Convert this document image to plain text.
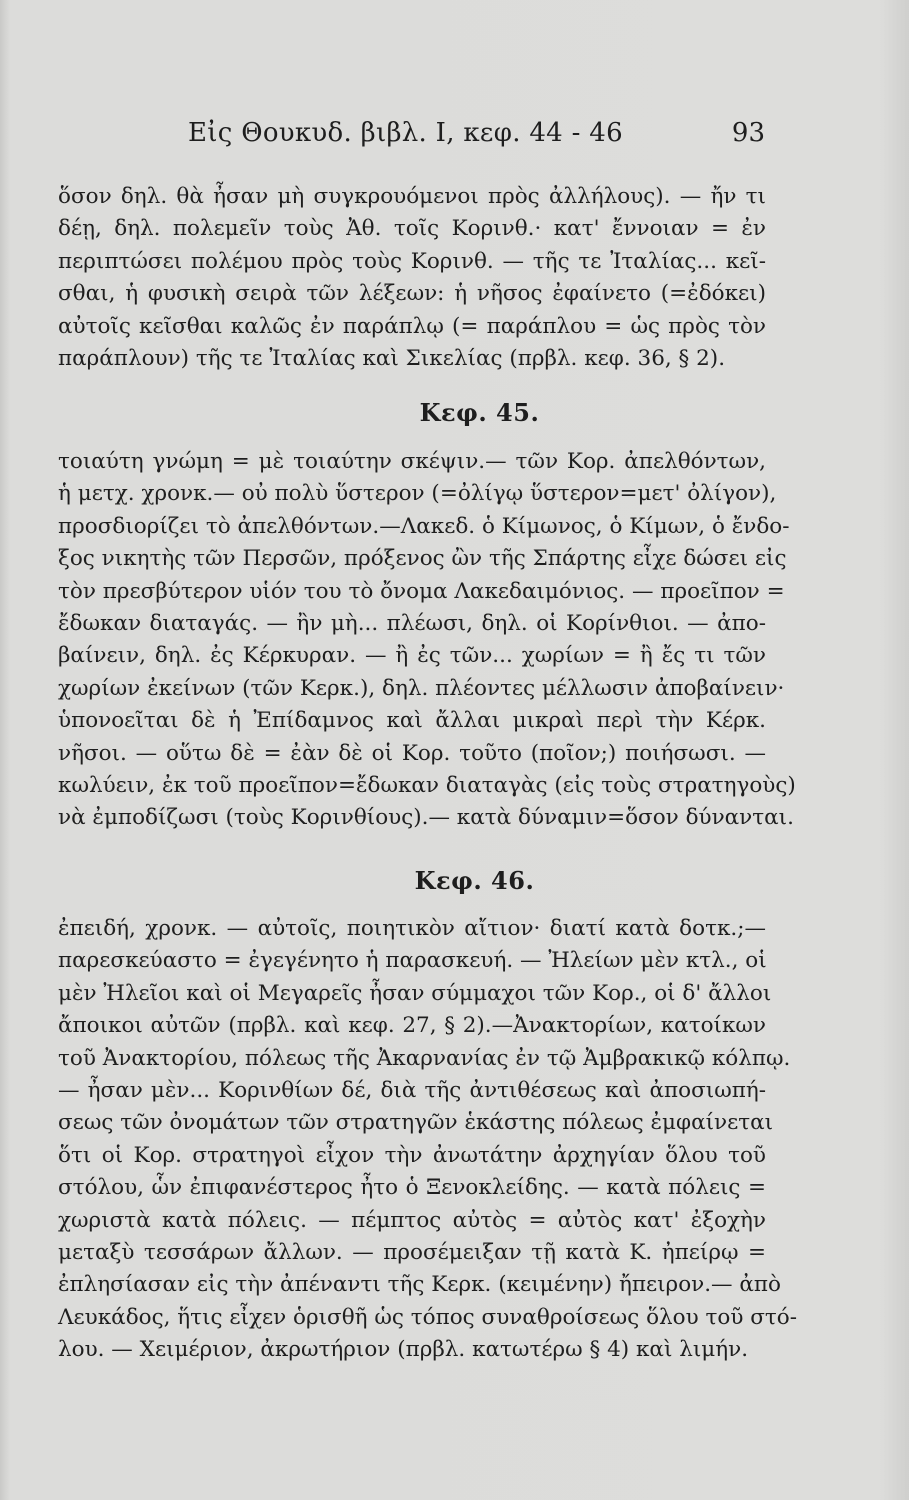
Εἰς Θουκυδ. βιβλ. Ι, κεφ. 44 - 46	93
ὅσον δηλ. θὰ ἦσαν μὴ συγκρουόμενοι πρὸς ἀλλήλους). — ἤν τι
δέῃ, δηλ. πολεμεῖν τοὺς Ἀθ. τοῖς Κορινθ.· κατ' ἔννοιαν = ἐν
περιπτώσει πολέμου πρὸς τοὺς Κορινθ. — τῆς τε Ἰταλίας... κεῖ-
σθαι, ἡ φυσικὴ σειρὰ τῶν λέξεων: ἡ νῆσος ἐφαίνετο (=ἐδόκει)
αὐτοῖς κεῖσθαι καλῶς ἐν παράπλῳ (= παράπλου = ὡς πρὸς τὸν
παράπλουν) τῆς τε Ἰταλίας καὶ Σικελίας (πρβλ. κεφ. 36, § 2).
Κεφ. 45.
τοιαύτη γνώμη = μὲ τοιαύτην σκέψιν.— τῶν Κορ. ἀπελθόντων,
ἡ μετχ. χρονκ.— οὐ πολὺ ὕστερον (=ὀλίγῳ ὕστερον=μετ' ὀλίγον),
προσδιορίζει τὸ ἀπελθόντων.—Λακεδ. ὁ Κίμωνος, ὁ Κίμων, ὁ ἔνδο-
ξος νικητὴς τῶν Περσῶν, πρόξενος ὢν τῆς Σπάρτης εἶχε δώσει εἰς
τὸν πρεσβύτερον υἱόν του τὸ ὄνομα Λακεδαιμόνιος. — προεῖπον =
ἔδωκαν διαταγάς. — ἢν μὴ... πλέωσι, δηλ. οἱ Κορίνθιοι. — ἀπο-
βαίνειν, δηλ. ἐς Κέρκυραν. — ἢ ἐς τῶν... χωρίων = ἢ ἔς τι τῶν
χωρίων ἐκείνων (τῶν Κερκ.), δηλ. πλέοντες μέλλωσιν ἀποβαίνειν·
ὑπονοεῖται δὲ ἡ Ἐπίδαμνος καὶ ἄλλαι μικραὶ περὶ τὴν Κέρκ.
νῆσοι. — οὕτω δὲ = ἐὰν δὲ οἱ Κορ. τοῦτο (ποῖον;) ποιήσωσι. —
κωλύειν, ἐκ τοῦ προεῖπον=ἔδωκαν διαταγὰς (εἰς τοὺς στρατηγοὺς)
νὰ ἐμποδίζωσι (τοὺς Κορινθίους).— κατὰ δύναμιν=ὅσον δύνανται.
Κεφ. 46.
ἐπειδή, χρονκ. — αὐτοῖς, ποιητικὸν αἴτιον· διατί κατὰ δοτκ.;—
παρεσκεύαστο = ἐγεγένητο ἡ παρασκευή. — Ἠλείων μὲν κτλ., οἱ
μὲν Ἠλεῖοι καὶ οἱ Μεγαρεῖς ἦσαν σύμμαχοι τῶν Κορ., οἱ δ' ἄλλοι
ἄποικοι αὐτῶν (πρβλ. καὶ κεφ. 27, § 2).—Ἀνακτορίων, κατοίκων
τοῦ Ἀνακτορίου, πόλεως τῆς Ἀκαρνανίας ἐν τῷ Ἀμβρακικῷ κόλπῳ.
— ἦσαν μὲν... Κορινθίων δέ, διὰ τῆς ἀντιθέσεως καὶ ἀποσιωπή-
σεως τῶν ὀνομάτων τῶν στρατηγῶν ἑκάστης πόλεως ἐμφαίνεται
ὅτι οἱ Κορ. στρατηγοὶ εἶχον τὴν ἀνωτάτην ἀρχηγίαν ὅλου τοῦ
στόλου, ὧν ἐπιφανέστερος ἦτο ὁ Ξενοκλείδης. — κατὰ πόλεις =
χωριστὰ κατὰ πόλεις. — πέμπτος αὐτὸς = αὐτὸς κατ' ἐξοχὴν
μεταξὺ τεσσάρων ἄλλων. — προσέμειξαν τῇ κατὰ Κ. ἠπείρῳ =
ἐπλησίασαν εἰς τὴν ἀπέναντι τῆς Κερκ. (κειμένην) ἤπειρον.— ἀπὸ
Λευκάδος, ἥτις εἶχεν ὁρισθῆ ὡς τόπος συναθροίσεως ὅλου τοῦ στό-
λου. — Χειμέριον, ἀκρωτήριον (πρβλ. κατωτέρω § 4) καὶ λιμήν.
